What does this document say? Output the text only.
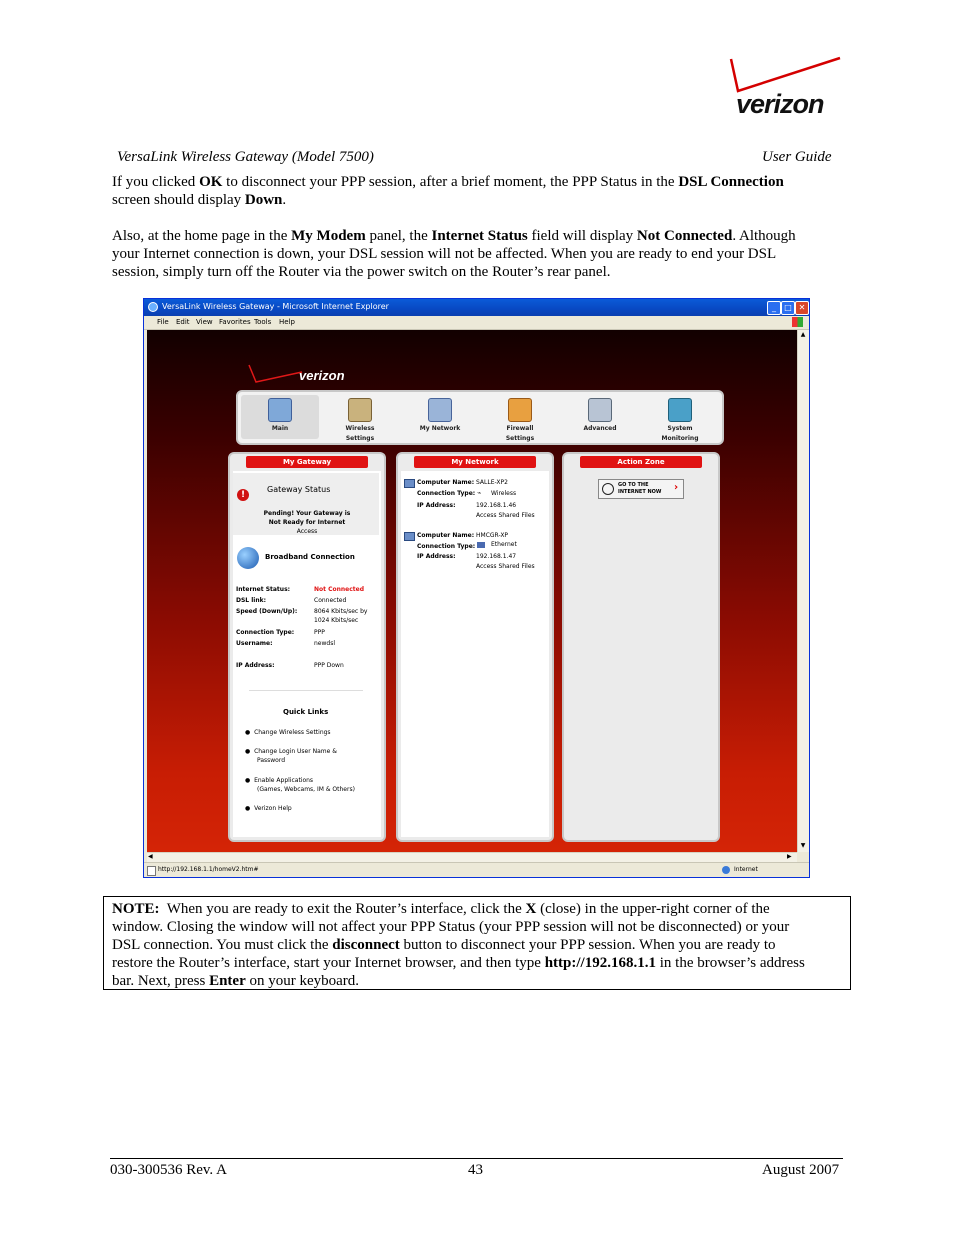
verizon
VersaLink Wireless Gateway (Model 7500)	User Guide
If you clicked OK to disconnect your PPP session, after a brief moment, the PPP Status in the DSL Connection
screen should display Down.
Also, at the home page in the My Modem panel, the Internet Status field will display Not Connected. Although
your Internet connection is down, your DSL session will not be affected. When you are ready to end your DSL
session, simply turn off the Router via the power switch on the Router’s rear panel.
VersaLink Wireless Gateway - Microsoft Internet Explorer	_	□ ✕
File Edit View Favorites Tools Help
verizon
Main	Wireless
Settings
My Network	Firewall
Settings
Advanced	System
Monitoring
My Gateway
!
Gateway Status
Pending! Your Gateway is
Not Ready for Internet
Access
Broadband Connection
Internet Status:	Not Connected
DSL link:	Connected
Speed (Down/Up):	8064 Kbits/sec by
1024 Kbits/sec
Connection Type:	PPP
Username:	newdsl
IP Address:	PPP Down
Quick Links
●  Change Wireless Settings
●  Change Login User Name &
Password
●  Enable Applications
(Games, Webcams, IM & Others)
●  Verizon Help
My Network
Computer Name: SALLE-XP2
Connection Type: ⌁ Wireless
IP Address:	192.168.1.46
Access Shared Files
Computer Name: HMCGR-XP
Connection Type:	Ethernet
IP Address:	192.168.1.47
Access Shared Files
Action Zone
GO TO THE
INTERNET NOW ›
▲
▼
◀	▶
http://192.168.1.1/homeV2.htm#	Internet
NOTE:  When you are ready to exit the Router’s interface, click the X (close) in the upper-right corner of the
window. Closing the window will not affect your PPP Status (your PPP session will not be disconnected) or your
DSL connection. You must click the disconnect button to disconnect your PPP session. When you are ready to
restore the Router’s interface, start your Internet browser, and then type http://192.168.1.1 in the browser’s address
bar. Next, press Enter on your keyboard.
030-300536 Rev. A	43	August 2007
